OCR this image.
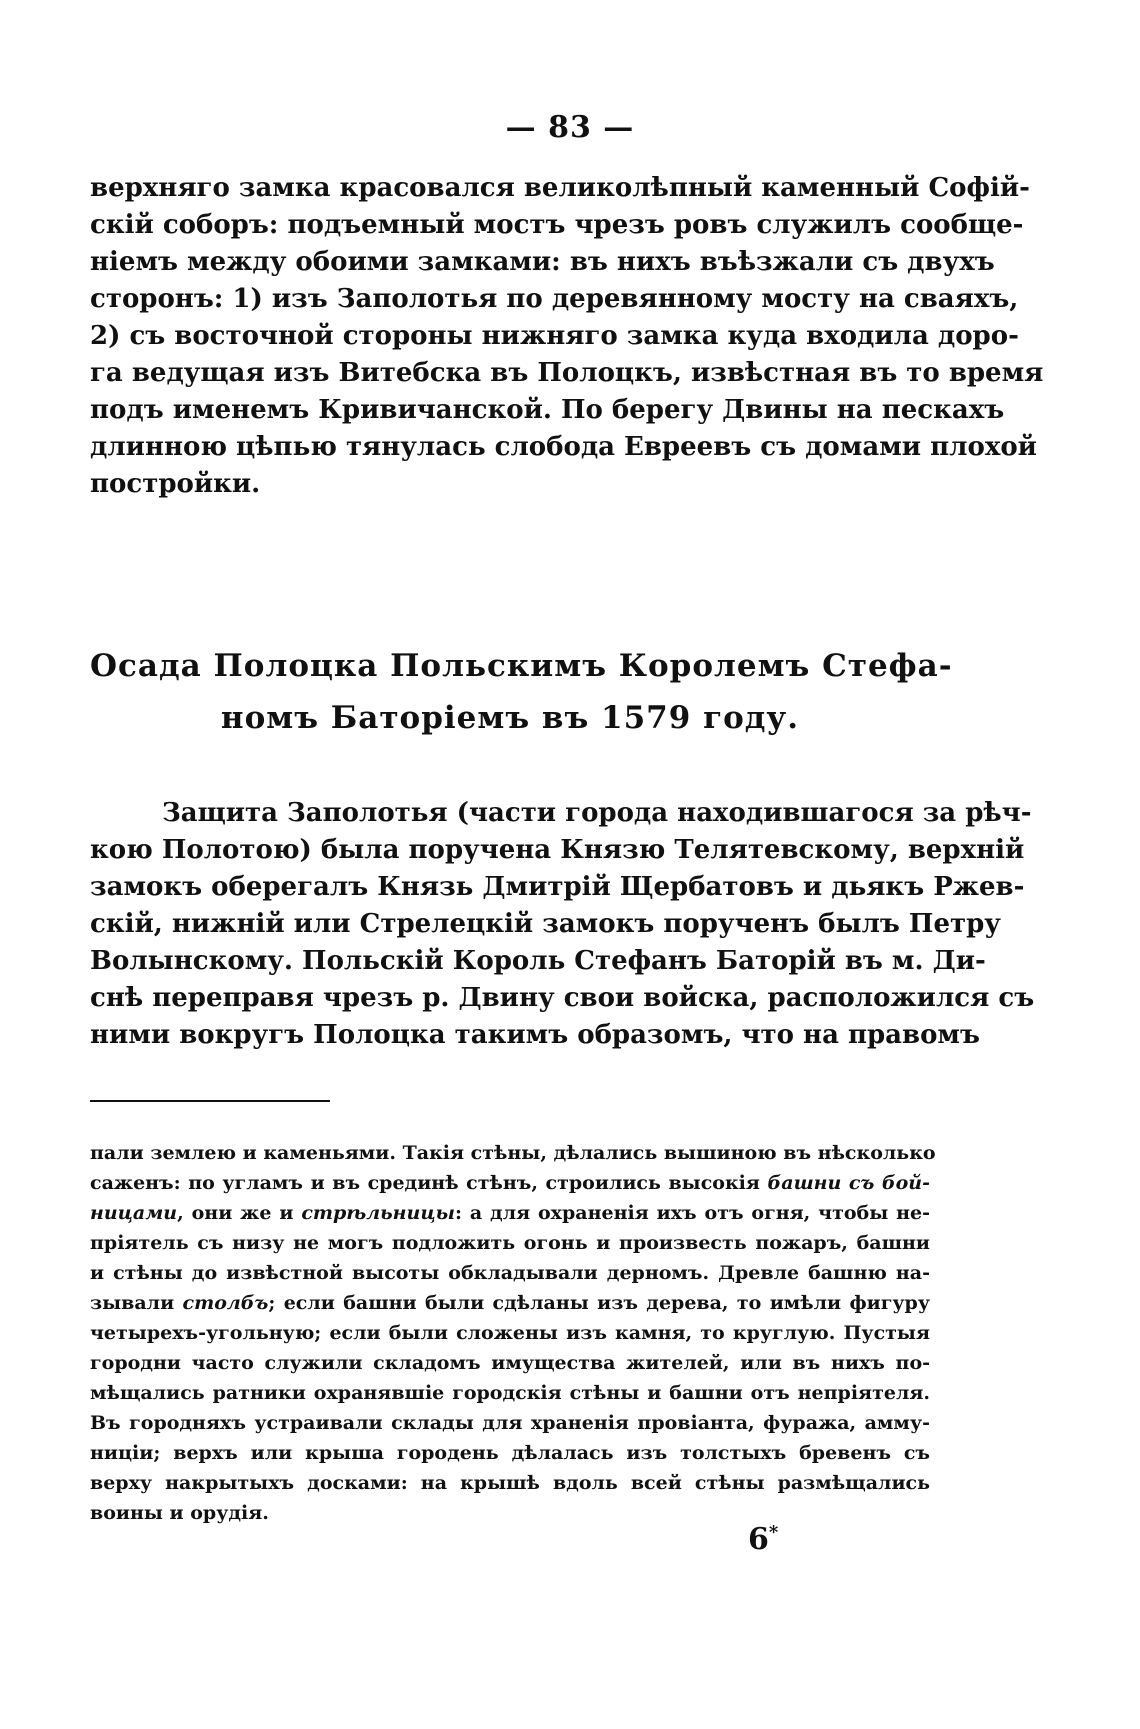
— 83 —
верхняго замка красовался великолѣпный каменный Софій-
скій соборъ: подъемный мостъ чрезъ ровъ служилъ сообще-
ніемъ между обоими замками: въ нихъ въѣзжали съ двухъ
сторонъ: 1) изъ Заполотья по деревянному мосту на сваяхъ,
2) съ восточной стороны нижняго замка куда входила доро-
га ведущая изъ Витебска въ Полоцкъ, извѣстная въ то время
подъ именемъ Кривичанской. По берегу Двины на пескахъ
длинною цѣпью тянулась слобода Евреевъ съ домами плохой
постройки.
Осада Полоцка Польскимъ Королемъ Стефа-
номъ Баторіемъ въ 1579 году.
Защита Заполотья (части города находившагося за рѣч-
кою Полотою) была поручена Князю Телятевскому, верхній
замокъ оберегалъ Князь Дмитрій Щербатовъ и дьякъ Ржев-
скій, нижній или Стрелецкій замокъ порученъ былъ Петру
Волынскому. Польскій Король Стефанъ Баторій въ м. Ди-
снѣ переправя чрезъ р. Двину свои войска, расположился съ
ними вокругъ Полоцка такимъ образомъ, что на правомъ
пали землею и каменьями. Такія стѣны, дѣлались вышиною въ нѣсколько
саженъ: по угламъ и въ срединѣ стѣнъ, строились высокія башни съ бой-
ницами, они же и стрѣльницы: а для охраненія ихъ отъ огня, чтобы не-
пріятель съ низу не могъ подложить огонь и произвесть пожаръ, башни
и стѣны до извѣстной высоты обкладывали дерномъ. Древле башню на-
зывали столбъ; если башни были сдѣланы изъ дерева, то имѣли фигуру
четырехъ-угольную; если были сложены изъ камня, то круглую. Пустыя
городни часто служили складомъ имущества жителей, или въ нихъ по-
мѣщались ратники охранявшіе городскія стѣны и башни отъ непріятеля.
Въ городняхъ устраивали склады для храненія провіанта, фуража, амму-
ниціи; верхъ или крыша городень дѣлалась изъ толстыхъ бревенъ съ
верху накрытыхъ досками: на крышѣ вдоль всей стѣны размѣщались
воины и орудія.
6*
